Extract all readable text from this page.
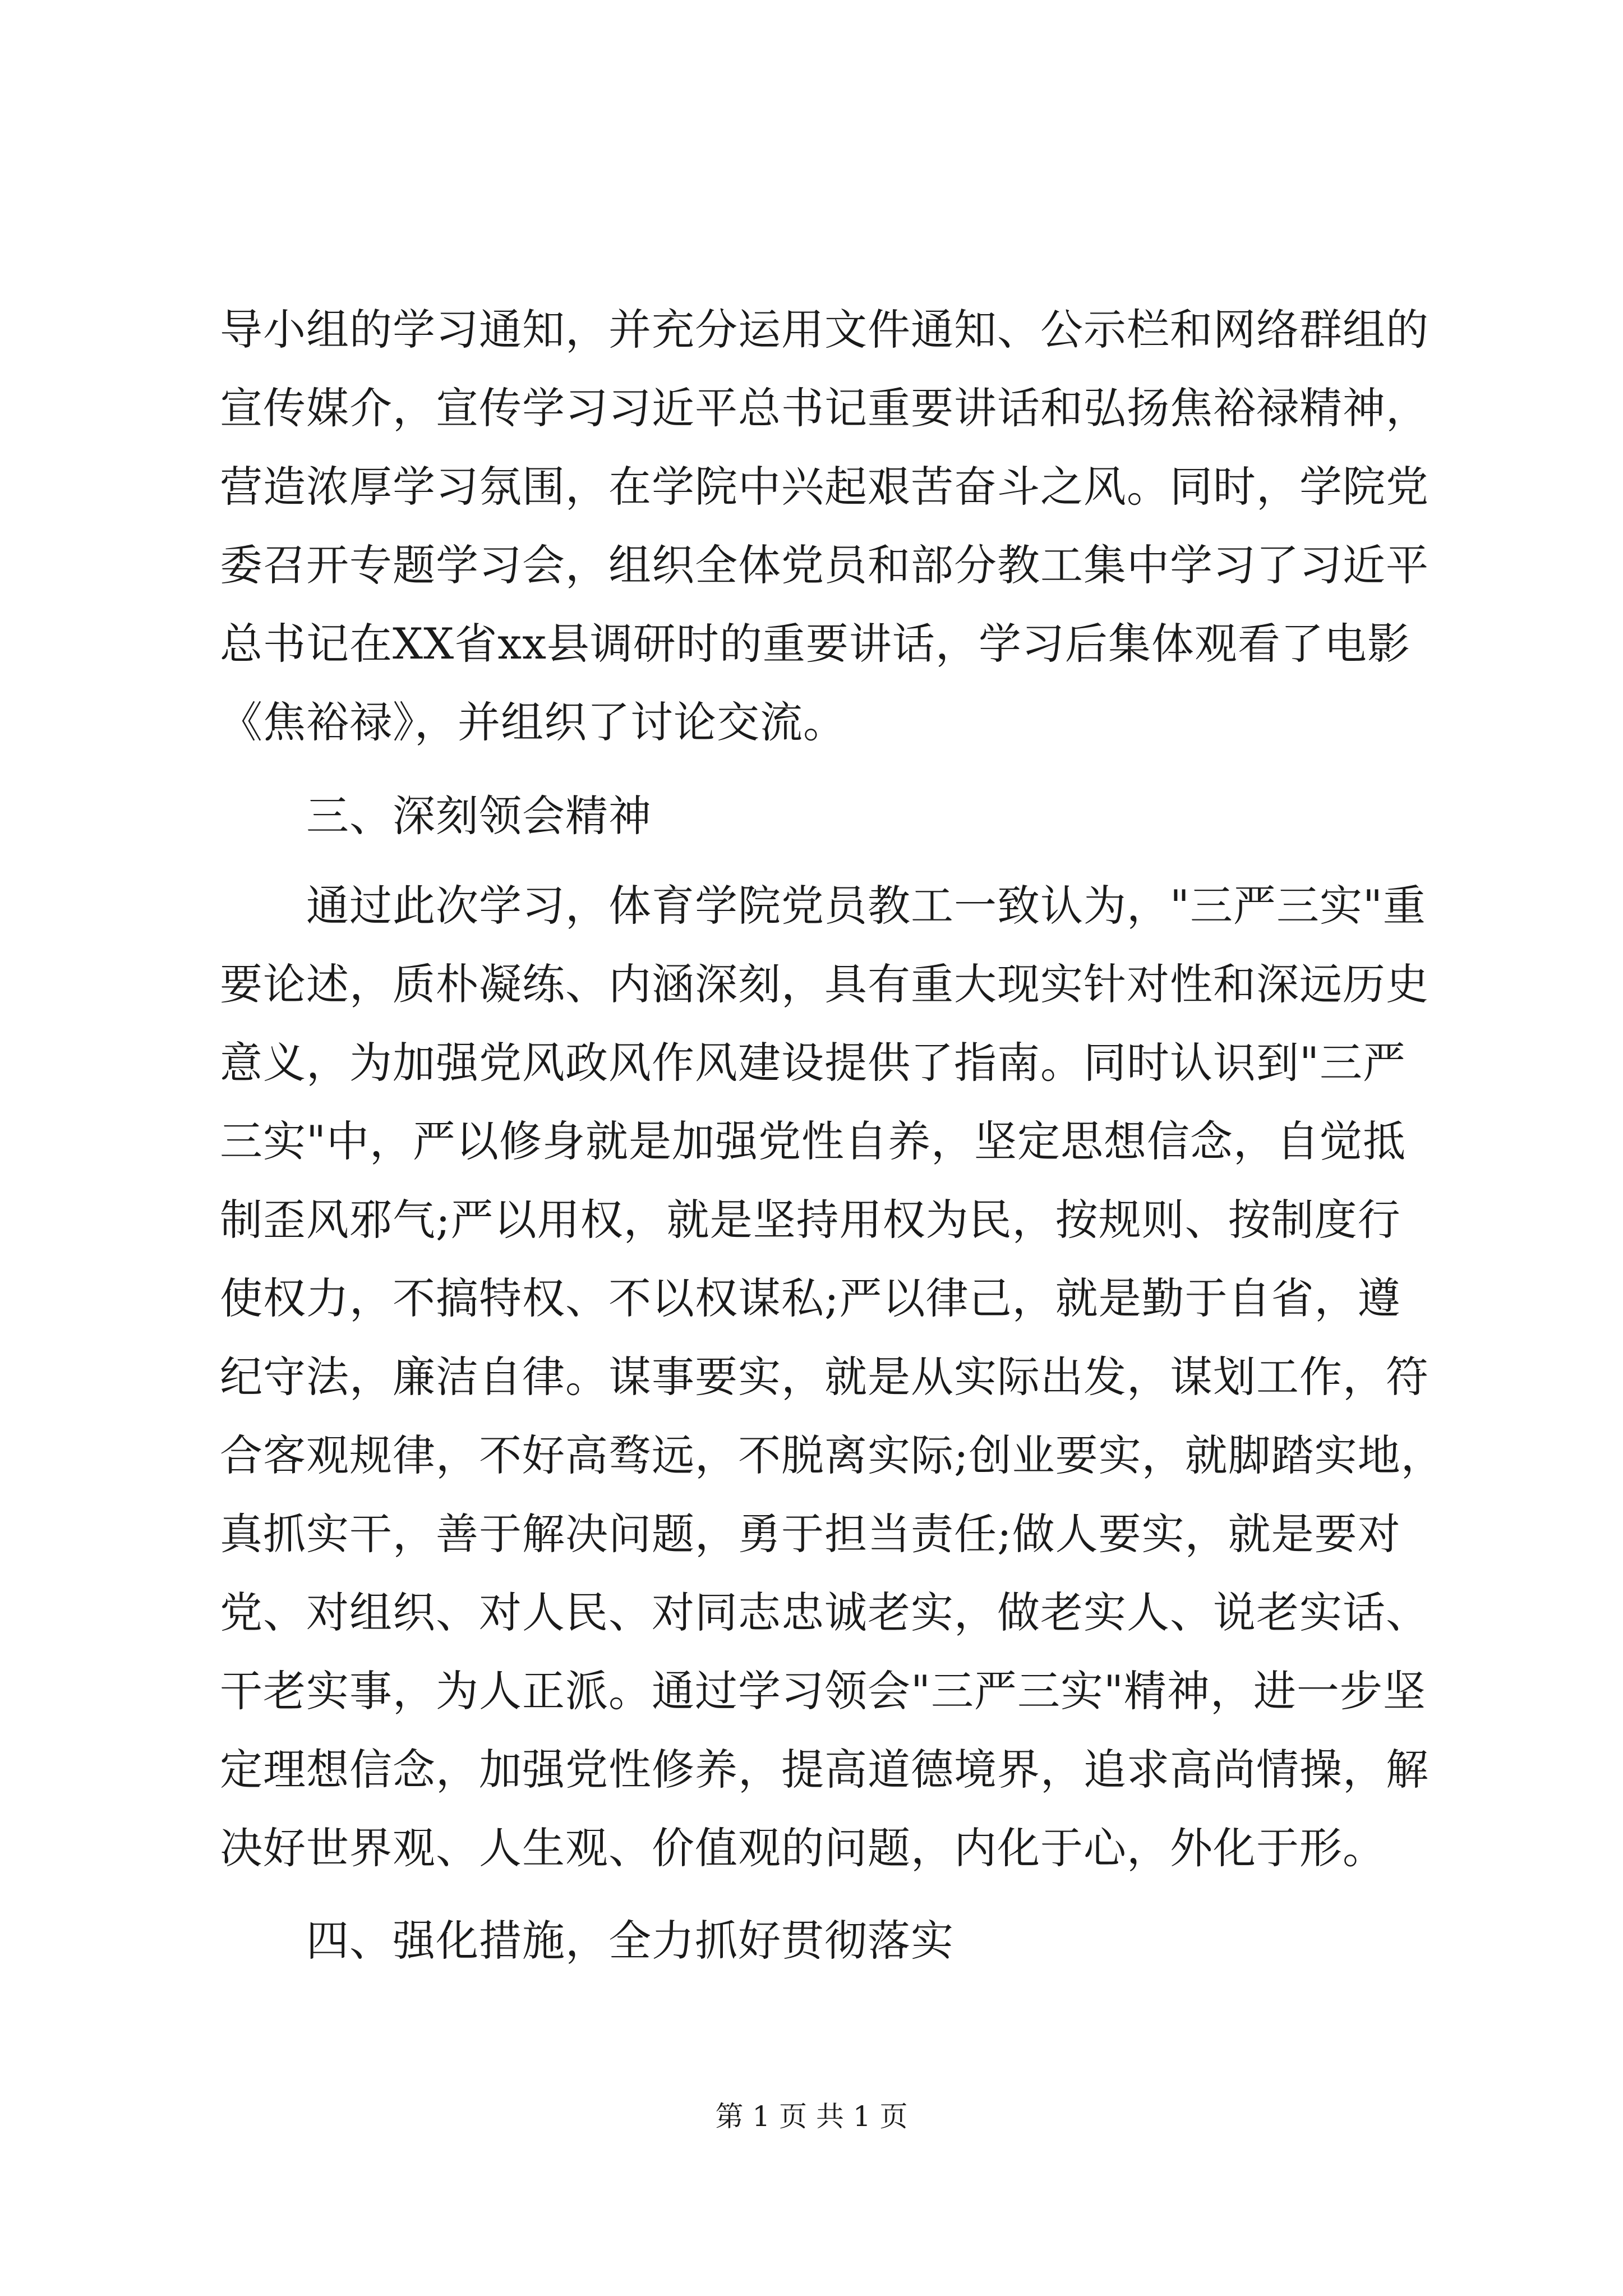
导小组的学习通知，并充分运用文件通知、公示栏和网络群组的
宣传媒介，宣传学习习近平总书记重要讲话和弘扬焦裕禄精神，
营造浓厚学习氛围，在学院中兴起艰苦奋斗之风。同时，学院党
委召开专题学习会，组织全体党员和部分教工集中学习了习近平
总书记在XX省xx县调研时的重要讲话，学习后集体观看了电影
《焦裕禄》，并组织了讨论交流。
三、深刻领会精神
通过此次学习，体育学院党员教工一致认为，"三严三实"重
要论述，质朴凝练、内涵深刻，具有重大现实针对性和深远历史
意义，为加强党风政风作风建设提供了指南。同时认识到"三严
三实"中，严以修身就是加强党性自养，坚定思想信念，自觉抵
制歪风邪气;严以用权，就是坚持用权为民，按规则、按制度行
使权力，不搞特权、不以权谋私;严以律己，就是勤于自省，遵
纪守法，廉洁自律。谋事要实，就是从实际出发，谋划工作，符
合客观规律，不好高骛远，不脱离实际;创业要实，就脚踏实地，
真抓实干，善于解决问题，勇于担当责任;做人要实，就是要对
党、对组织、对人民、对同志忠诚老实，做老实人、说老实话、
干老实事，为人正派。通过学习领会"三严三实"精神，进一步坚
定理想信念，加强党性修养，提高道德境界，追求高尚情操，解
决好世界观、人生观、价值观的问题，内化于心，外化于形。
四、强化措施，全力抓好贯彻落实
第 1 页 共 1 页
